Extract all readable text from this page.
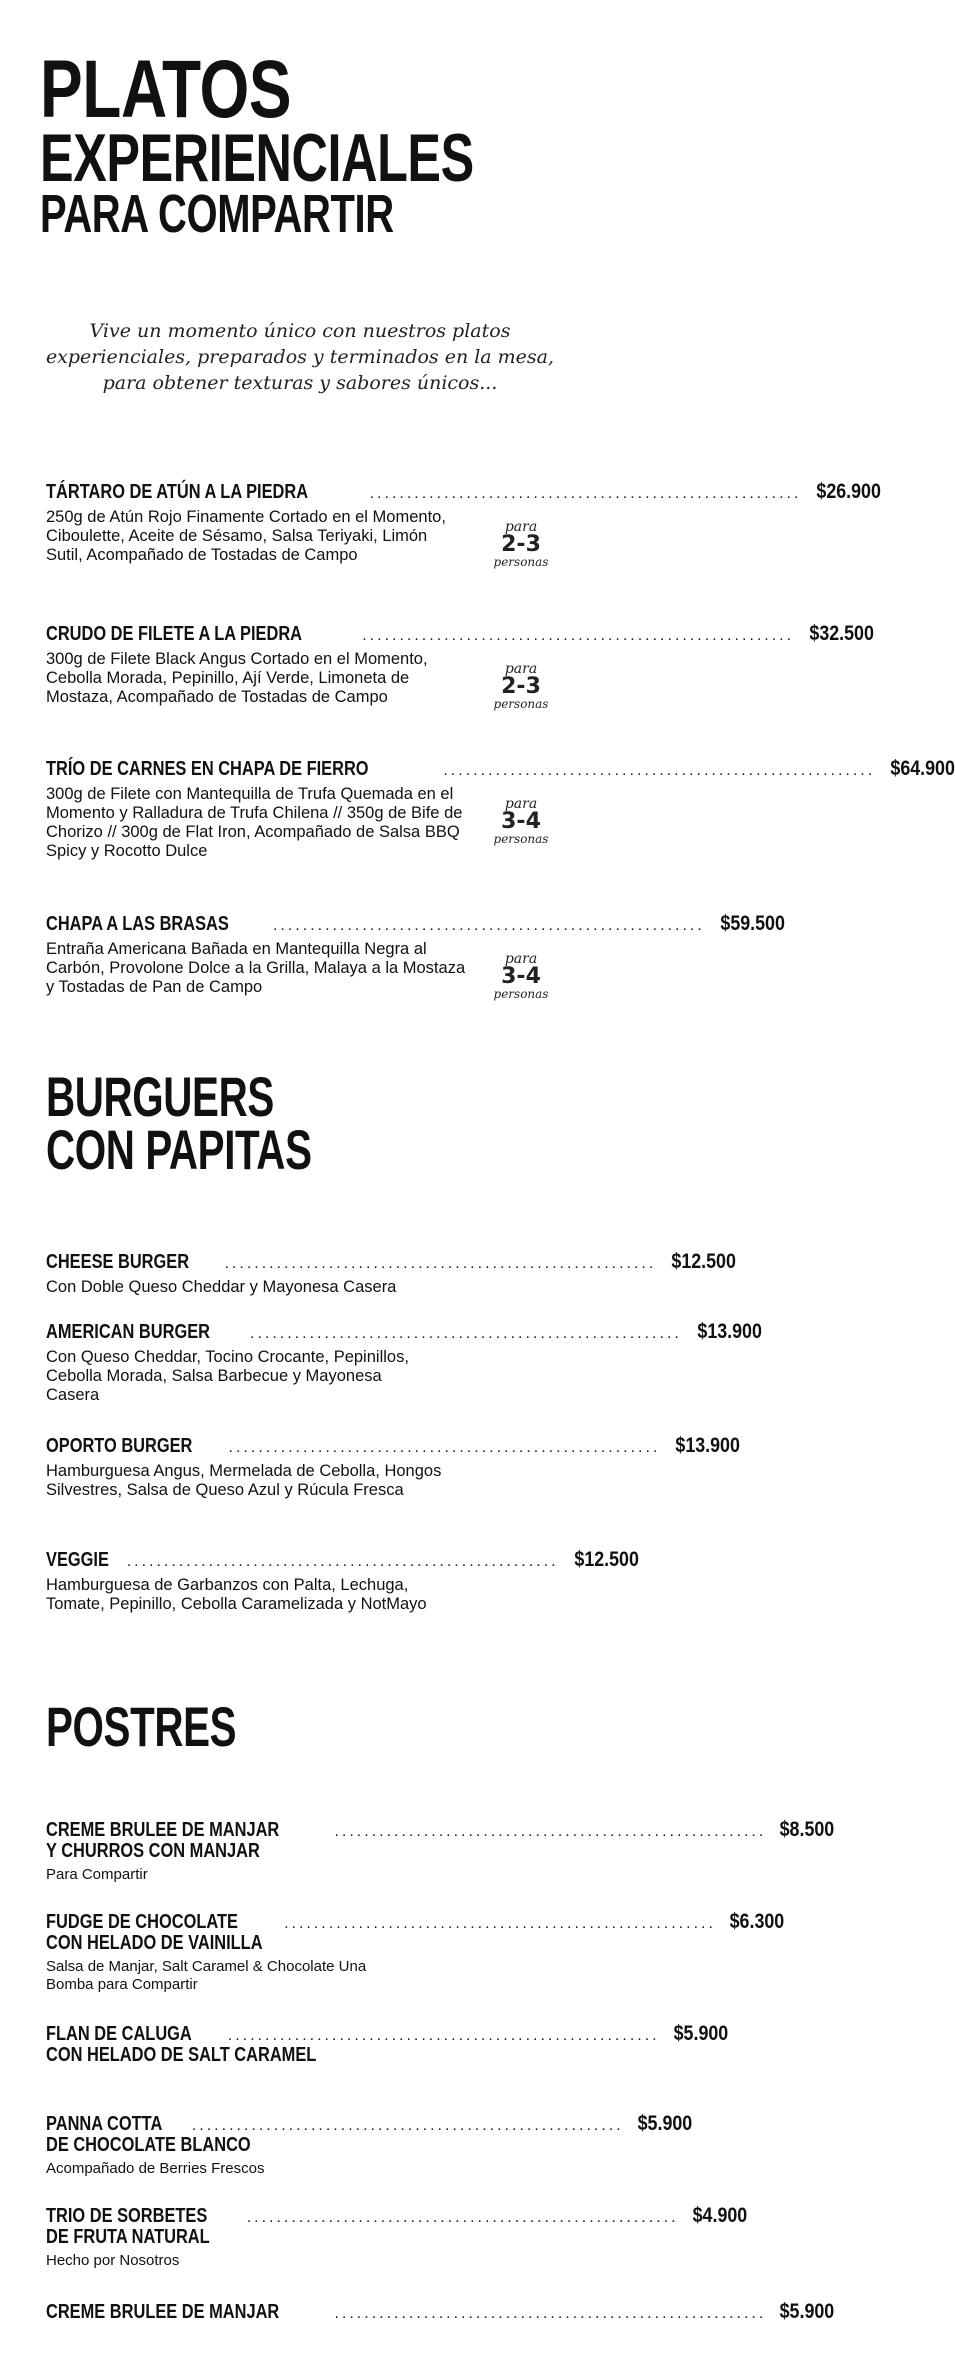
PLATOS
EXPERIENCIALES
PARA COMPARTIR
Vive un momento único con nuestros platos
experienciales, preparados y terminados en la mesa,
para obtener texturas y sabores únicos...
TÁRTARO DE ATÚN A LA PIEDRA	.......................................................... $26.900
250g de Atún Rojo Finamente Cortado en el Momento, Ciboulette, Aceite de Sésamo, Salsa Teriyaki, Limón Sutil, Acompañado de Tostadas de Campo
para
2-3
personas
CRUDO DE FILETE A LA PIEDRA	.......................................................... $32.500
300g de Filete Black Angus Cortado en el Momento, Cebolla Morada, Pepinillo, Ají Verde, Limoneta de Mostaza, Acompañado de Tostadas de Campo
para
2-3
personas
TRÍO DE CARNES EN CHAPA DE FIERRO	.......................................................... $64.900
300g de Filete con Mantequilla de Trufa Quemada en el Momento y Ralladura de Trufa Chilena // 350g de Bife de Chorizo // 300g de Flat Iron, Acompañado de Salsa BBQ Spicy y Rocotto Dulce
para
3-4
personas
CHAPA A LAS BRASAS	.......................................................... $59.500
Entraña Americana Bañada en Mantequilla Negra al Carbón, Provolone Dolce a la Grilla, Malaya a la Mostaza y Tostadas de Pan de Campo
para
3-4
personas
BURGUERS
CON PAPITAS
CHEESE BURGER .......................................................... $12.500
Con Doble Queso Cheddar y Mayonesa Casera
AMERICAN BURGER	.......................................................... $13.900
Con Queso Cheddar, Tocino Crocante, Pepinillos, Cebolla Morada, Salsa Barbecue y Mayonesa Casera
OPORTO BURGER .......................................................... $13.900
Hamburguesa Angus, Mermelada de Cebolla, Hongos Silvestres, Salsa de Queso Azul y Rúcula Fresca
VEGGIE .......................................................... $12.500
Hamburguesa de Garbanzos con Palta, Lechuga, Tomate, Pepinillo, Cebolla Caramelizada y NotMayo
POSTRES
CREME BRULEE DE MANJAR	.......................................................... $8.500
Y CHURROS CON MANJAR
Para Compartir
FUDGE DE CHOCOLATE	.......................................................... $6.300
CON HELADO DE VAINILLA
Salsa de Manjar, Salt Caramel & Chocolate Una Bomba para Compartir
FLAN DE CALUGA .......................................................... $5.900
CON HELADO DE SALT CARAMEL
PANNA COTTA .......................................................... $5.900
DE CHOCOLATE BLANCO
Acompañado de Berries Frescos
TRIO DE SORBETES .......................................................... $4.900
DE FRUTA NATURAL
Hecho por Nosotros
CREME BRULEE DE MANJAR	.......................................................... $5.900
